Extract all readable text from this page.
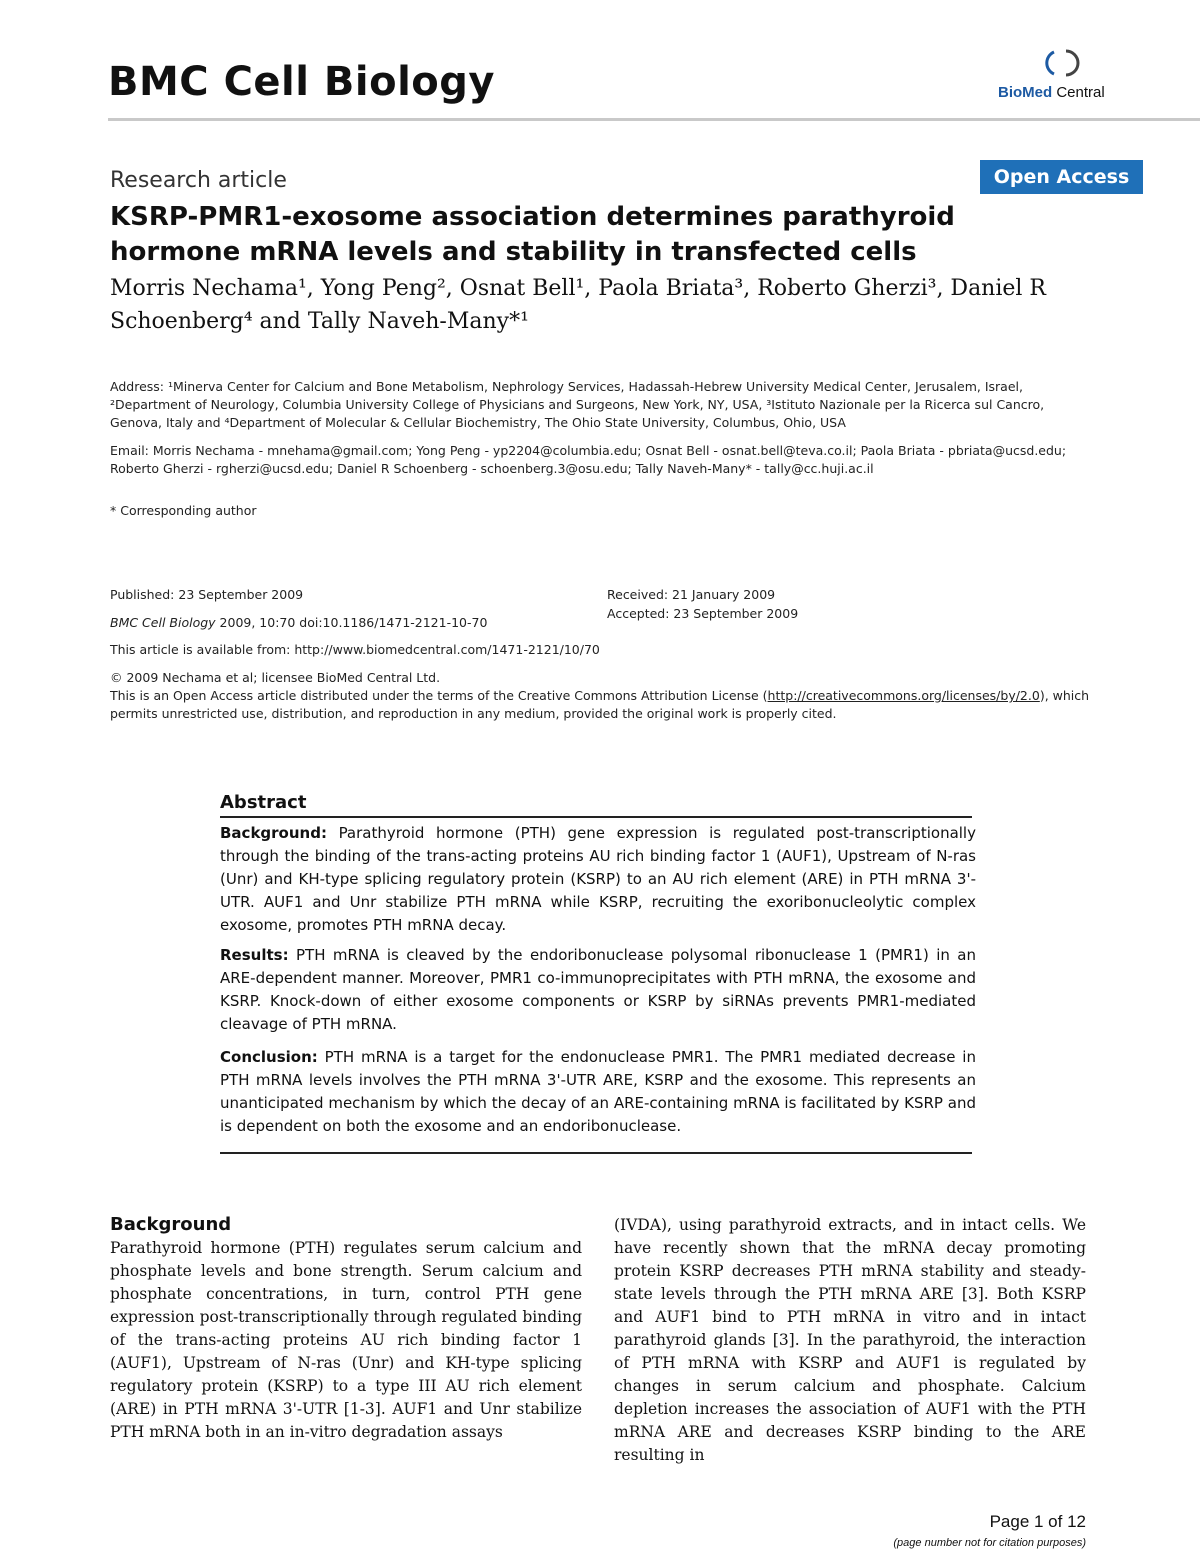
BMC Cell Biology	BioMed Central
Research article	Open Access
KSRP-PMR1-exosome association determines parathyroid hormone mRNA levels and stability in transfected cells
Morris Nechama¹, Yong Peng², Osnat Bell¹, Paola Briata³, Roberto Gherzi³, Daniel R Schoenberg⁴ and Tally Naveh-Many*¹
Address: ¹Minerva Center for Calcium and Bone Metabolism, Nephrology Services, Hadassah-Hebrew University Medical Center, Jerusalem, Israel, ²Department of Neurology, Columbia University College of Physicians and Surgeons, New York, NY, USA, ³Istituto Nazionale per la Ricerca sul Cancro, Genova, Italy and ⁴Department of Molecular & Cellular Biochemistry, The Ohio State University, Columbus, Ohio, USA
Email: Morris Nechama - mnehama@gmail.com; Yong Peng - yp2204@columbia.edu; Osnat Bell - osnat.bell@teva.co.il; Paola Briata - pbriata@ucsd.edu; Roberto Gherzi - rgherzi@ucsd.edu; Daniel R Schoenberg - schoenberg.3@osu.edu; Tally Naveh-Many* - tally@cc.huji.ac.il
* Corresponding author
Published: 23 September 2009
BMC Cell Biology 2009, 10:70 doi:10.1186/1471-2121-10-70
This article is available from: http://www.biomedcentral.com/1471-2121/10/70
Received: 21 January 2009
Accepted: 23 September 2009
© 2009 Nechama et al; licensee BioMed Central Ltd.
This is an Open Access article distributed under the terms of the Creative Commons Attribution License (http://creativecommons.org/licenses/by/2.0), which permits unrestricted use, distribution, and reproduction in any medium, provided the original work is properly cited.
Abstract

Background: Parathyroid hormone (PTH) gene expression is regulated post-transcriptionally through the binding of the trans-acting proteins AU rich binding factor 1 (AUF1), Upstream of N-ras (Unr) and KH-type splicing regulatory protein (KSRP) to an AU rich element (ARE) in PTH mRNA 3'-UTR. AUF1 and Unr stabilize PTH mRNA while KSRP, recruiting the exoribonucleolytic complex exosome, promotes PTH mRNA decay.

Results: PTH mRNA is cleaved by the endoribonuclease polysomal ribonuclease 1 (PMR1) in an ARE-dependent manner. Moreover, PMR1 co-immunoprecipitates with PTH mRNA, the exosome and KSRP. Knock-down of either exosome components or KSRP by siRNAs prevents PMR1-mediated cleavage of PTH mRNA.

Conclusion: PTH mRNA is a target for the endonuclease PMR1. The PMR1 mediated decrease in PTH mRNA levels involves the PTH mRNA 3'-UTR ARE, KSRP and the exosome. This represents an unanticipated mechanism by which the decay of an ARE-containing mRNA is facilitated by KSRP and is dependent on both the exosome and an endoribonuclease.

Background

Parathyroid hormone (PTH) regulates serum calcium and phosphate levels and bone strength. Serum calcium and phosphate concentrations, in turn, control PTH gene expression post-transcriptionally through regulated binding of the trans-acting proteins AU rich binding factor 1 (AUF1), Upstream of N-ras (Unr) and KH-type splicing regulatory protein (KSRP) to a type III AU rich element (ARE) in PTH mRNA 3'-UTR [1-3]. AUF1 and Unr stabilize PTH mRNA both in an in-vitro degradation assays

(IVDA), using parathyroid extracts, and in intact cells. We have recently shown that the mRNA decay promoting protein KSRP decreases PTH mRNA stability and steady-state levels through the PTH mRNA ARE [3]. Both KSRP and AUF1 bind to PTH mRNA in vitro and in intact parathyroid glands [3]. In the parathyroid, the interaction of PTH mRNA with KSRP and AUF1 is regulated by changes in serum calcium and phosphate. Calcium depletion increases the association of AUF1 with the PTH mRNA ARE and decreases KSRP binding to the ARE resulting in

Page 1 of 12
(page number not for citation purposes)
